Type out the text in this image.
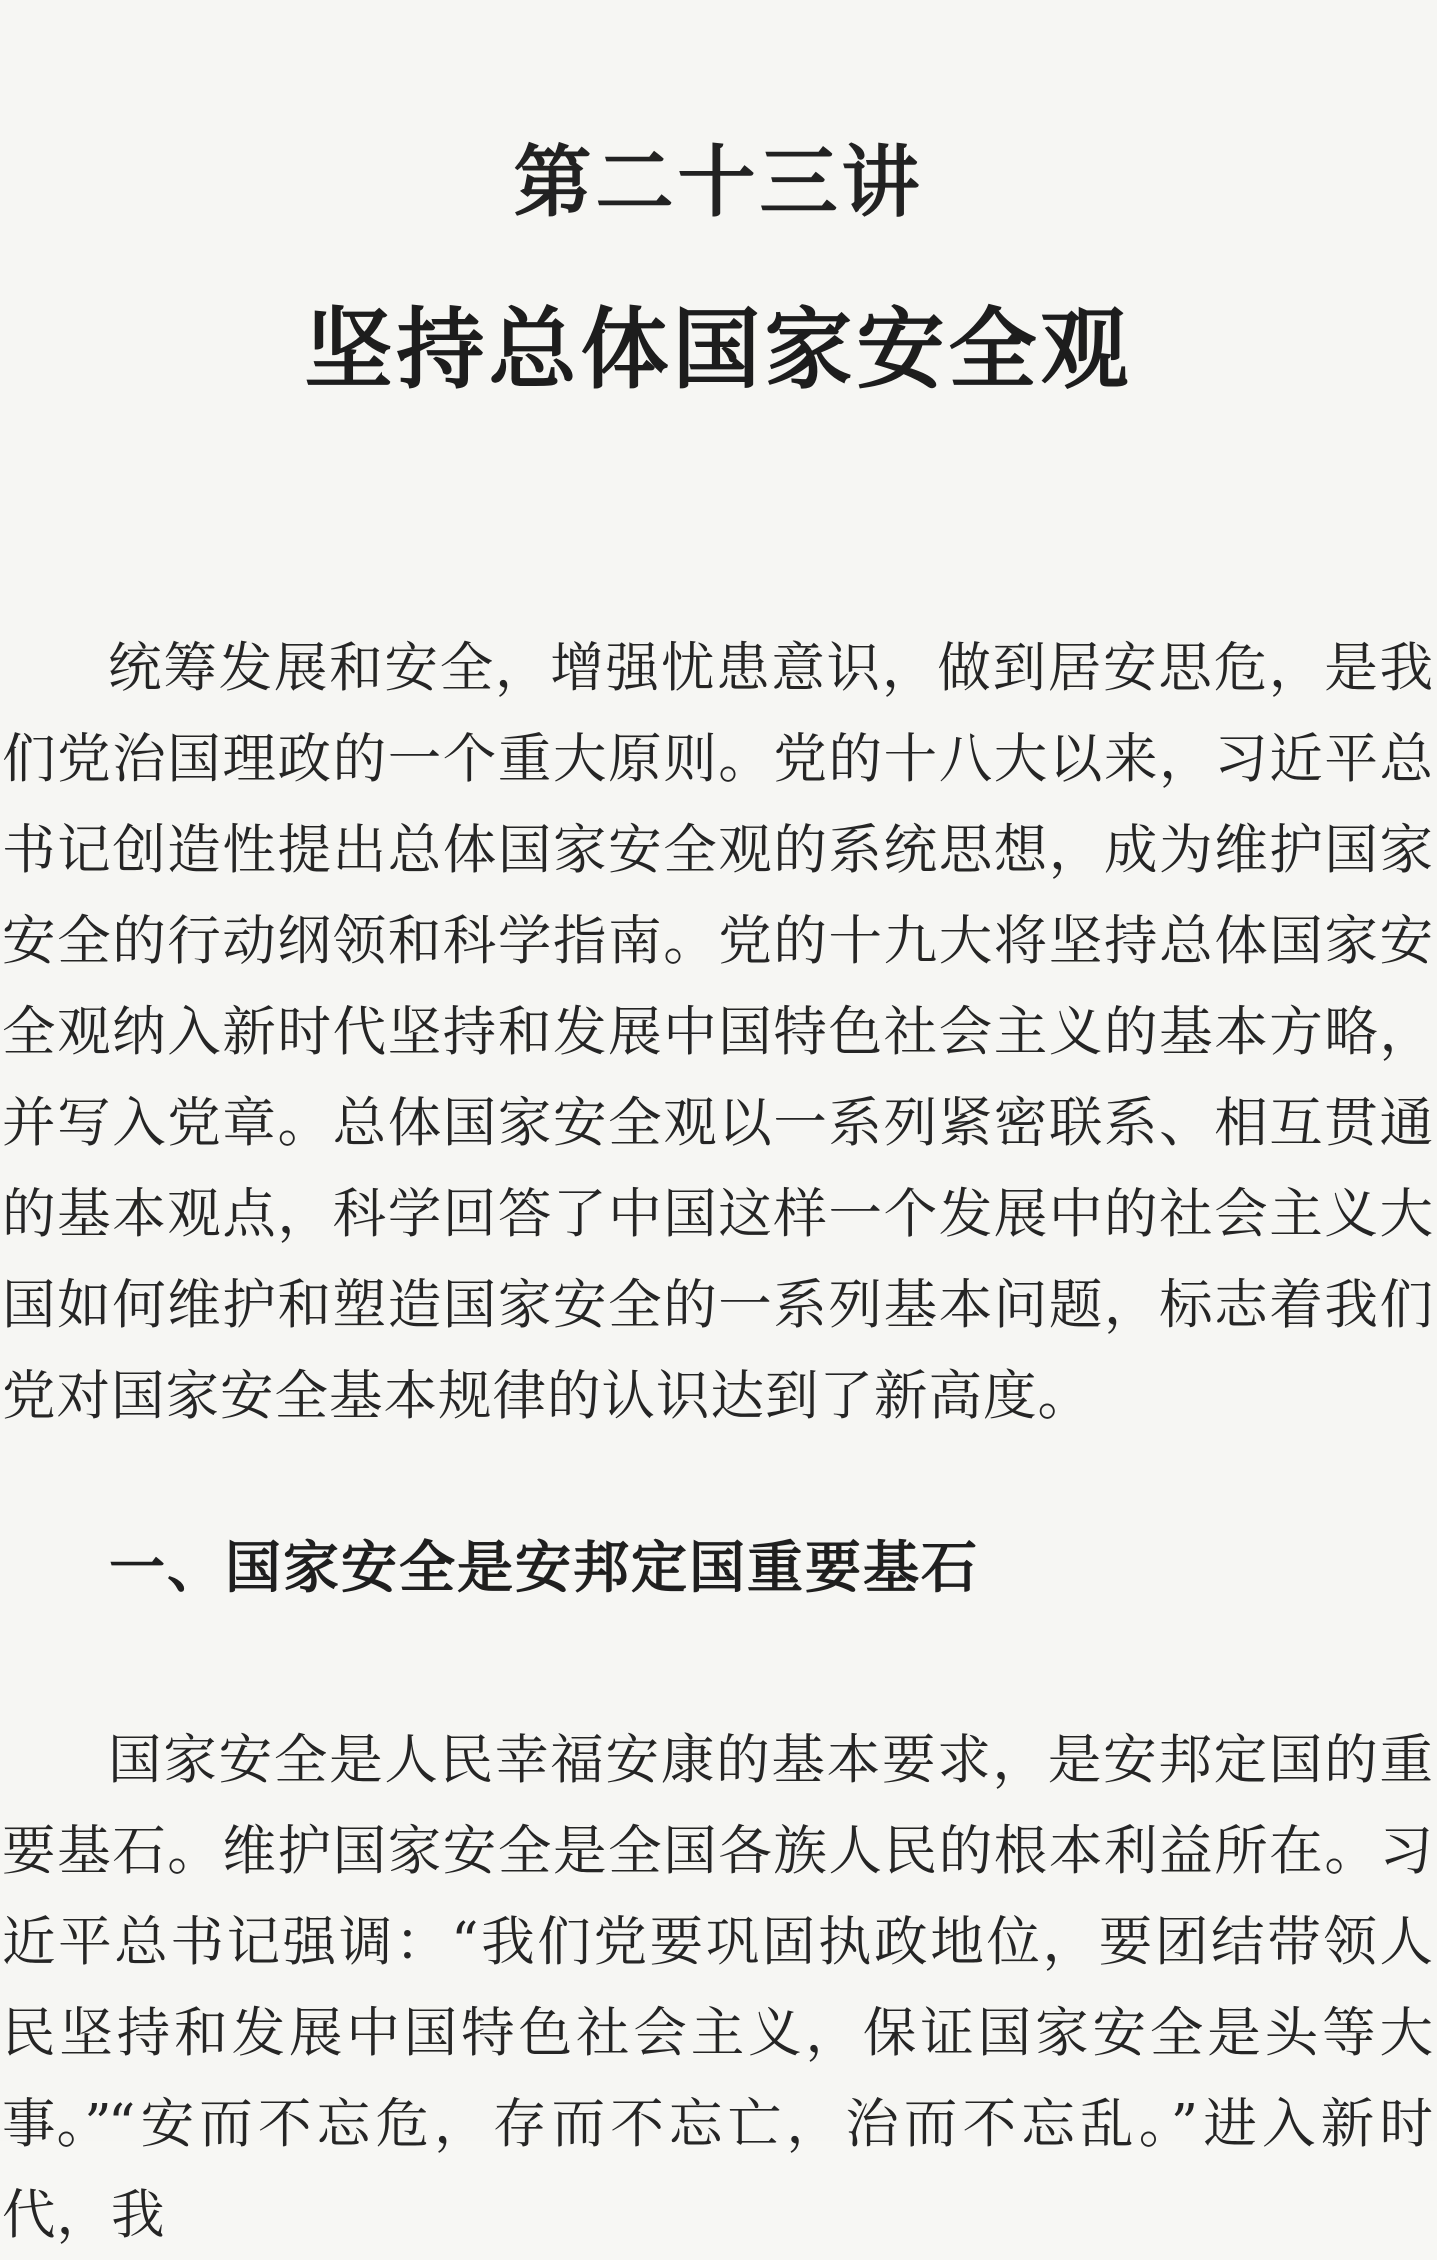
第二十三讲
坚持总体国家安全观

统筹发展和安全，增强忧患意识，做到居安思危，是我们党治国理政的一个重大原则。党的十八大以来，习近平总书记创造性提出总体国家安全观的系统思想，成为维护国家安全的行动纲领和科学指南。党的十九大将坚持总体国家安全观纳入新时代坚持和发展中国特色社会主义的基本方略，并写入党章。总体国家安全观以一系列紧密联系、相互贯通的基本观点，科学回答了中国这样一个发展中的社会主义大国如何维护和塑造国家安全的一系列基本问题，标志着我们党对国家安全基本规律的认识达到了新高度。

一、国家安全是安邦定国重要基石

国家安全是人民幸福安康的基本要求，是安邦定国的重要基石。维护国家安全是全国各族人民的根本利益所在。习近平总书记强调：“我们党要巩固执政地位，要团结带领人民坚持和发展中国特色社会主义，保证国家安全是头等大事。”

“安而不忘危，存而不忘亡，治而不忘乱。”进入新时代，我
